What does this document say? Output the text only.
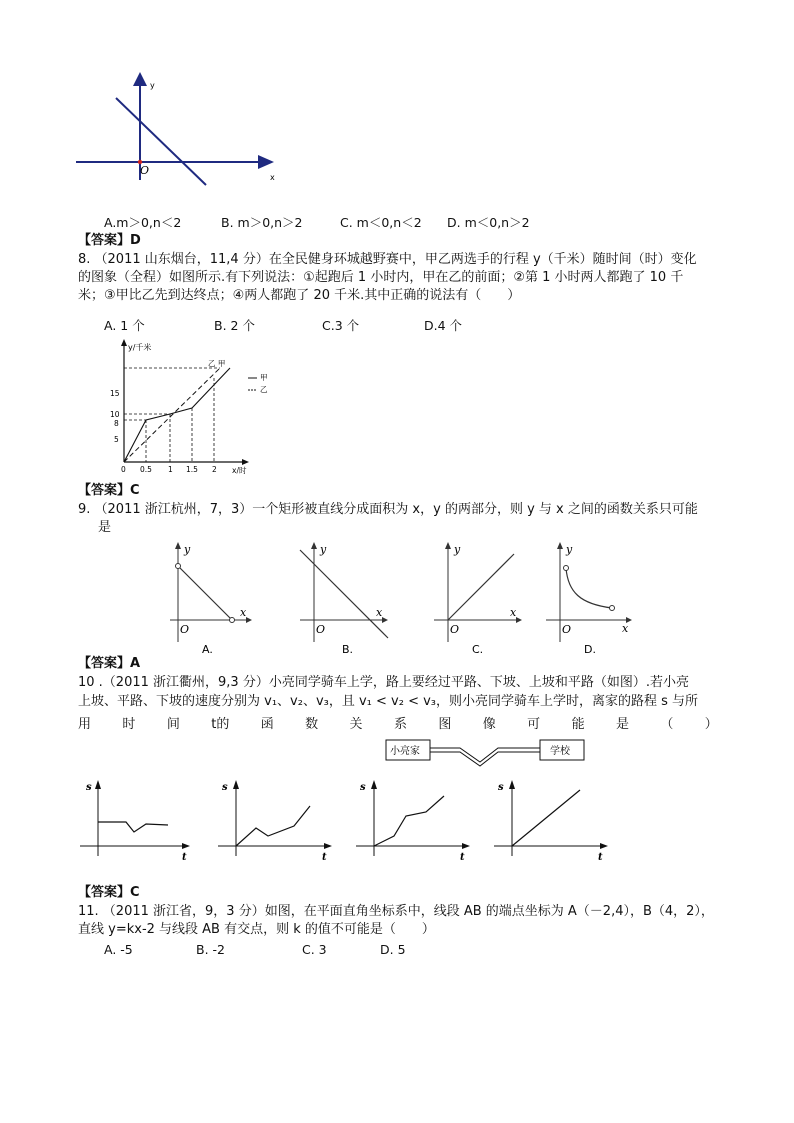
y
x
O
A.m＞0,n＜2	B. m＞0,n＞2	C. m＜0,n＜2 D. m＜0,n＞2
【答案】D
8. （2011 山东烟台，11,4 分）在全民健身环城越野赛中，甲乙两选手的行程 y（千米）随时间（时）变化
的图象（全程）如图所示.有下列说法：①起跑后 1 小时内，甲在乙的前面；②第 1 小时两人都跑了 10 千
米；③甲比乙先到达终点；④两人都跑了 20 千米.其中正确的说法有（　　）
A. 1 个	B. 2 个	C.3 个	D.4 个
y/千米
x/时
乙 甲
甲
乙
15
10
8
5
0 0.5 1 1.5 2
【答案】C
9. （2011 浙江杭州，7，3）一个矩形被直线分成面积为 x，y 的两部分，则 y 与 x 之间的函数关系只可能
是
y
x
O
A.
y
x
O
B.
y
x
O
C.
y
x
O
D.
【答案】A
10 .（2011 浙江衢州，9,3 分）小亮同学骑车上学，路上要经过平路、下坡、上坡和平路（如图）.若小亮
上坡、平路、下坡的速度分别为 v₁、v₂、v₃，且 v₁ < v₂ < v₃，则小亮同学骑车上学时，离家的路程 s 与所
用 时 间 t的 函 数 关 系 图 像 可 能 是 （ ）
小亮家	学校
s
t
s
t
s
t
s
t
【答案】C
11. （2011 浙江省，9，3 分）如图，在平面直角坐标系中，线段 AB 的端点坐标为 A（－2,4），B（4，2），
直线 y=kx-2 与线段 AB 有交点，则 k 的值不可能是（　　）
A. -5	B. -2	C. 3	D. 5
